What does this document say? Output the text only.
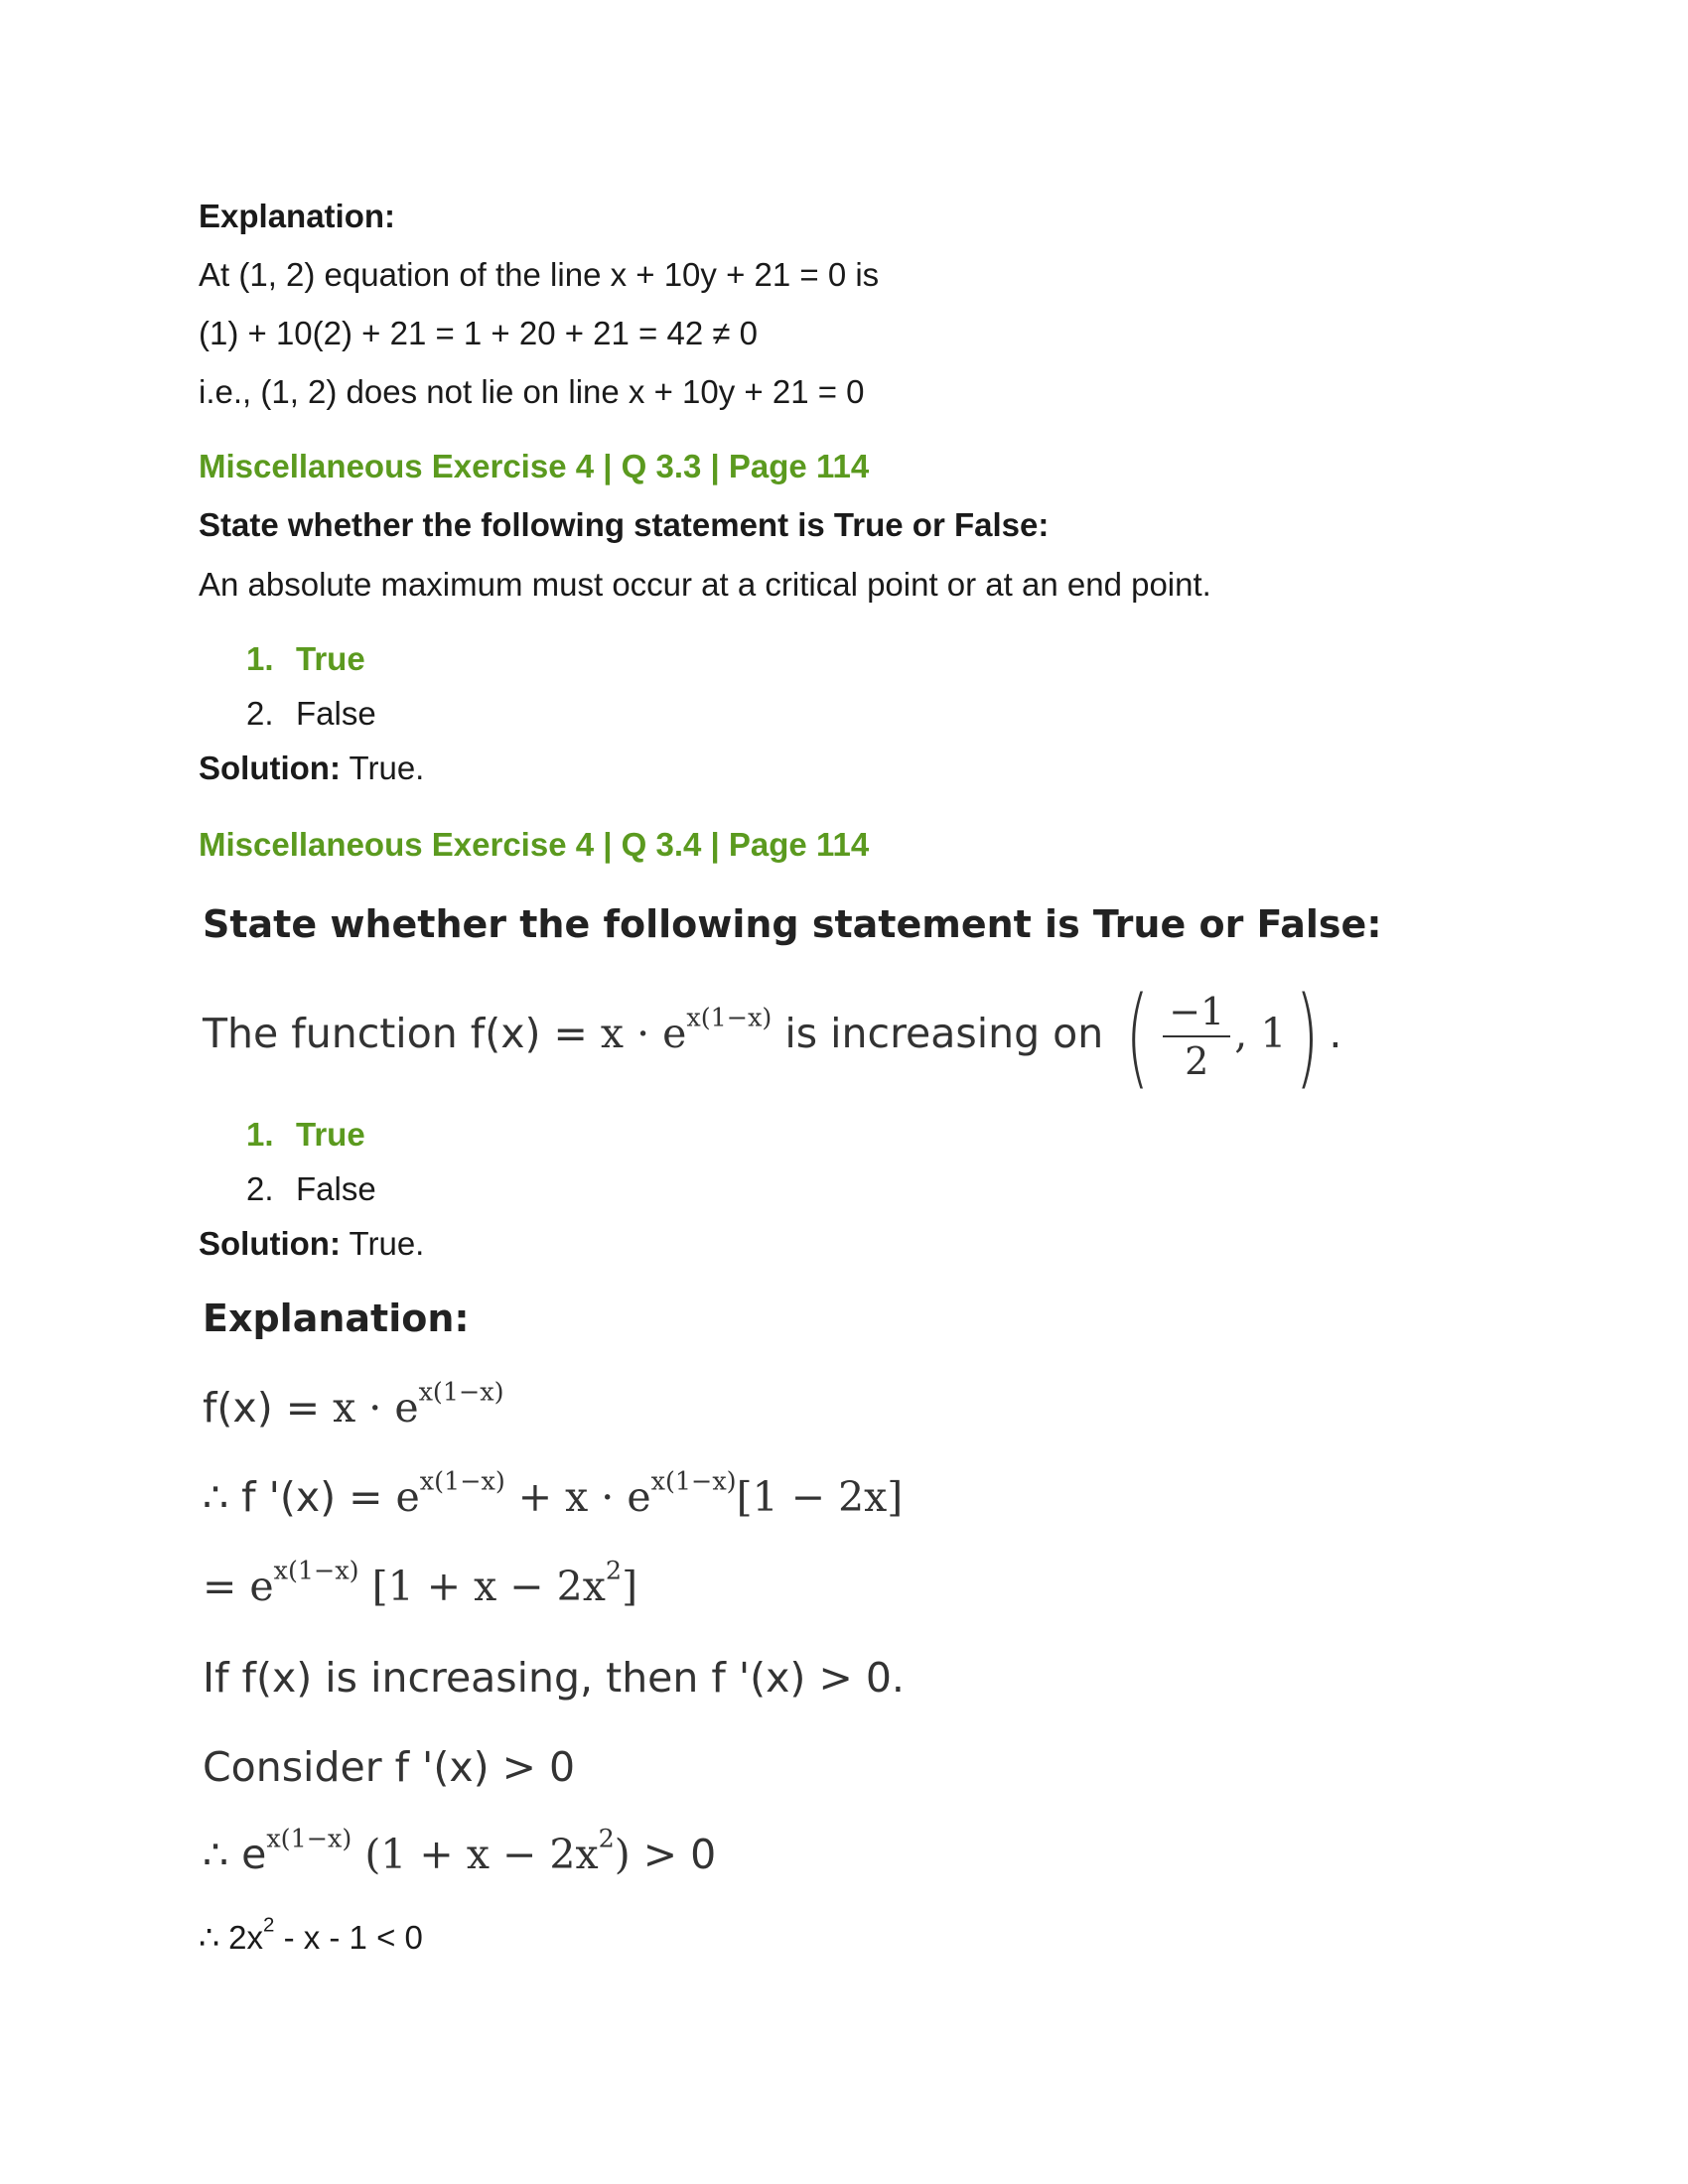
Explanation:
At (1, 2) equation of the line x + 10y + 21 = 0 is
(1) + 10(2) + 21 = 1 + 20 + 21 = 42 ≠ 0
i.e., (1, 2) does not lie on line x + 10y + 21 = 0
Miscellaneous Exercise 4 | Q 3.3 | Page 114
State whether the following statement is True or False:
An absolute maximum must occur at a critical point or at an end point.
1. True
2. False
Solution: True.
Miscellaneous Exercise 4 | Q 3.4 | Page 114
State whether the following statement is True or False:
The function $f(x) = x \cdot e^{x(1-x)}$ is increasing on ( $\frac{-1}{2}$ , 1) .
1. True
2. False
Solution: True.
Explanation:
$f(x) = x \cdot e^{x(1-x)}$
∴ f '$(x) = e^{x(1-x)} + x \cdot e^{x(1-x)}[1 - 2x]$
= $e^{x(1-x)}$ $[1 + x - 2x^2]$
If f(x) is increasing, then f '(x) > 0.
Consider f '(x) > 0
∴ $e^{x(1-x)}$ $(1 + x - 2x^2) > 0$
∴ $2x^2 - x - 1 < 0$
